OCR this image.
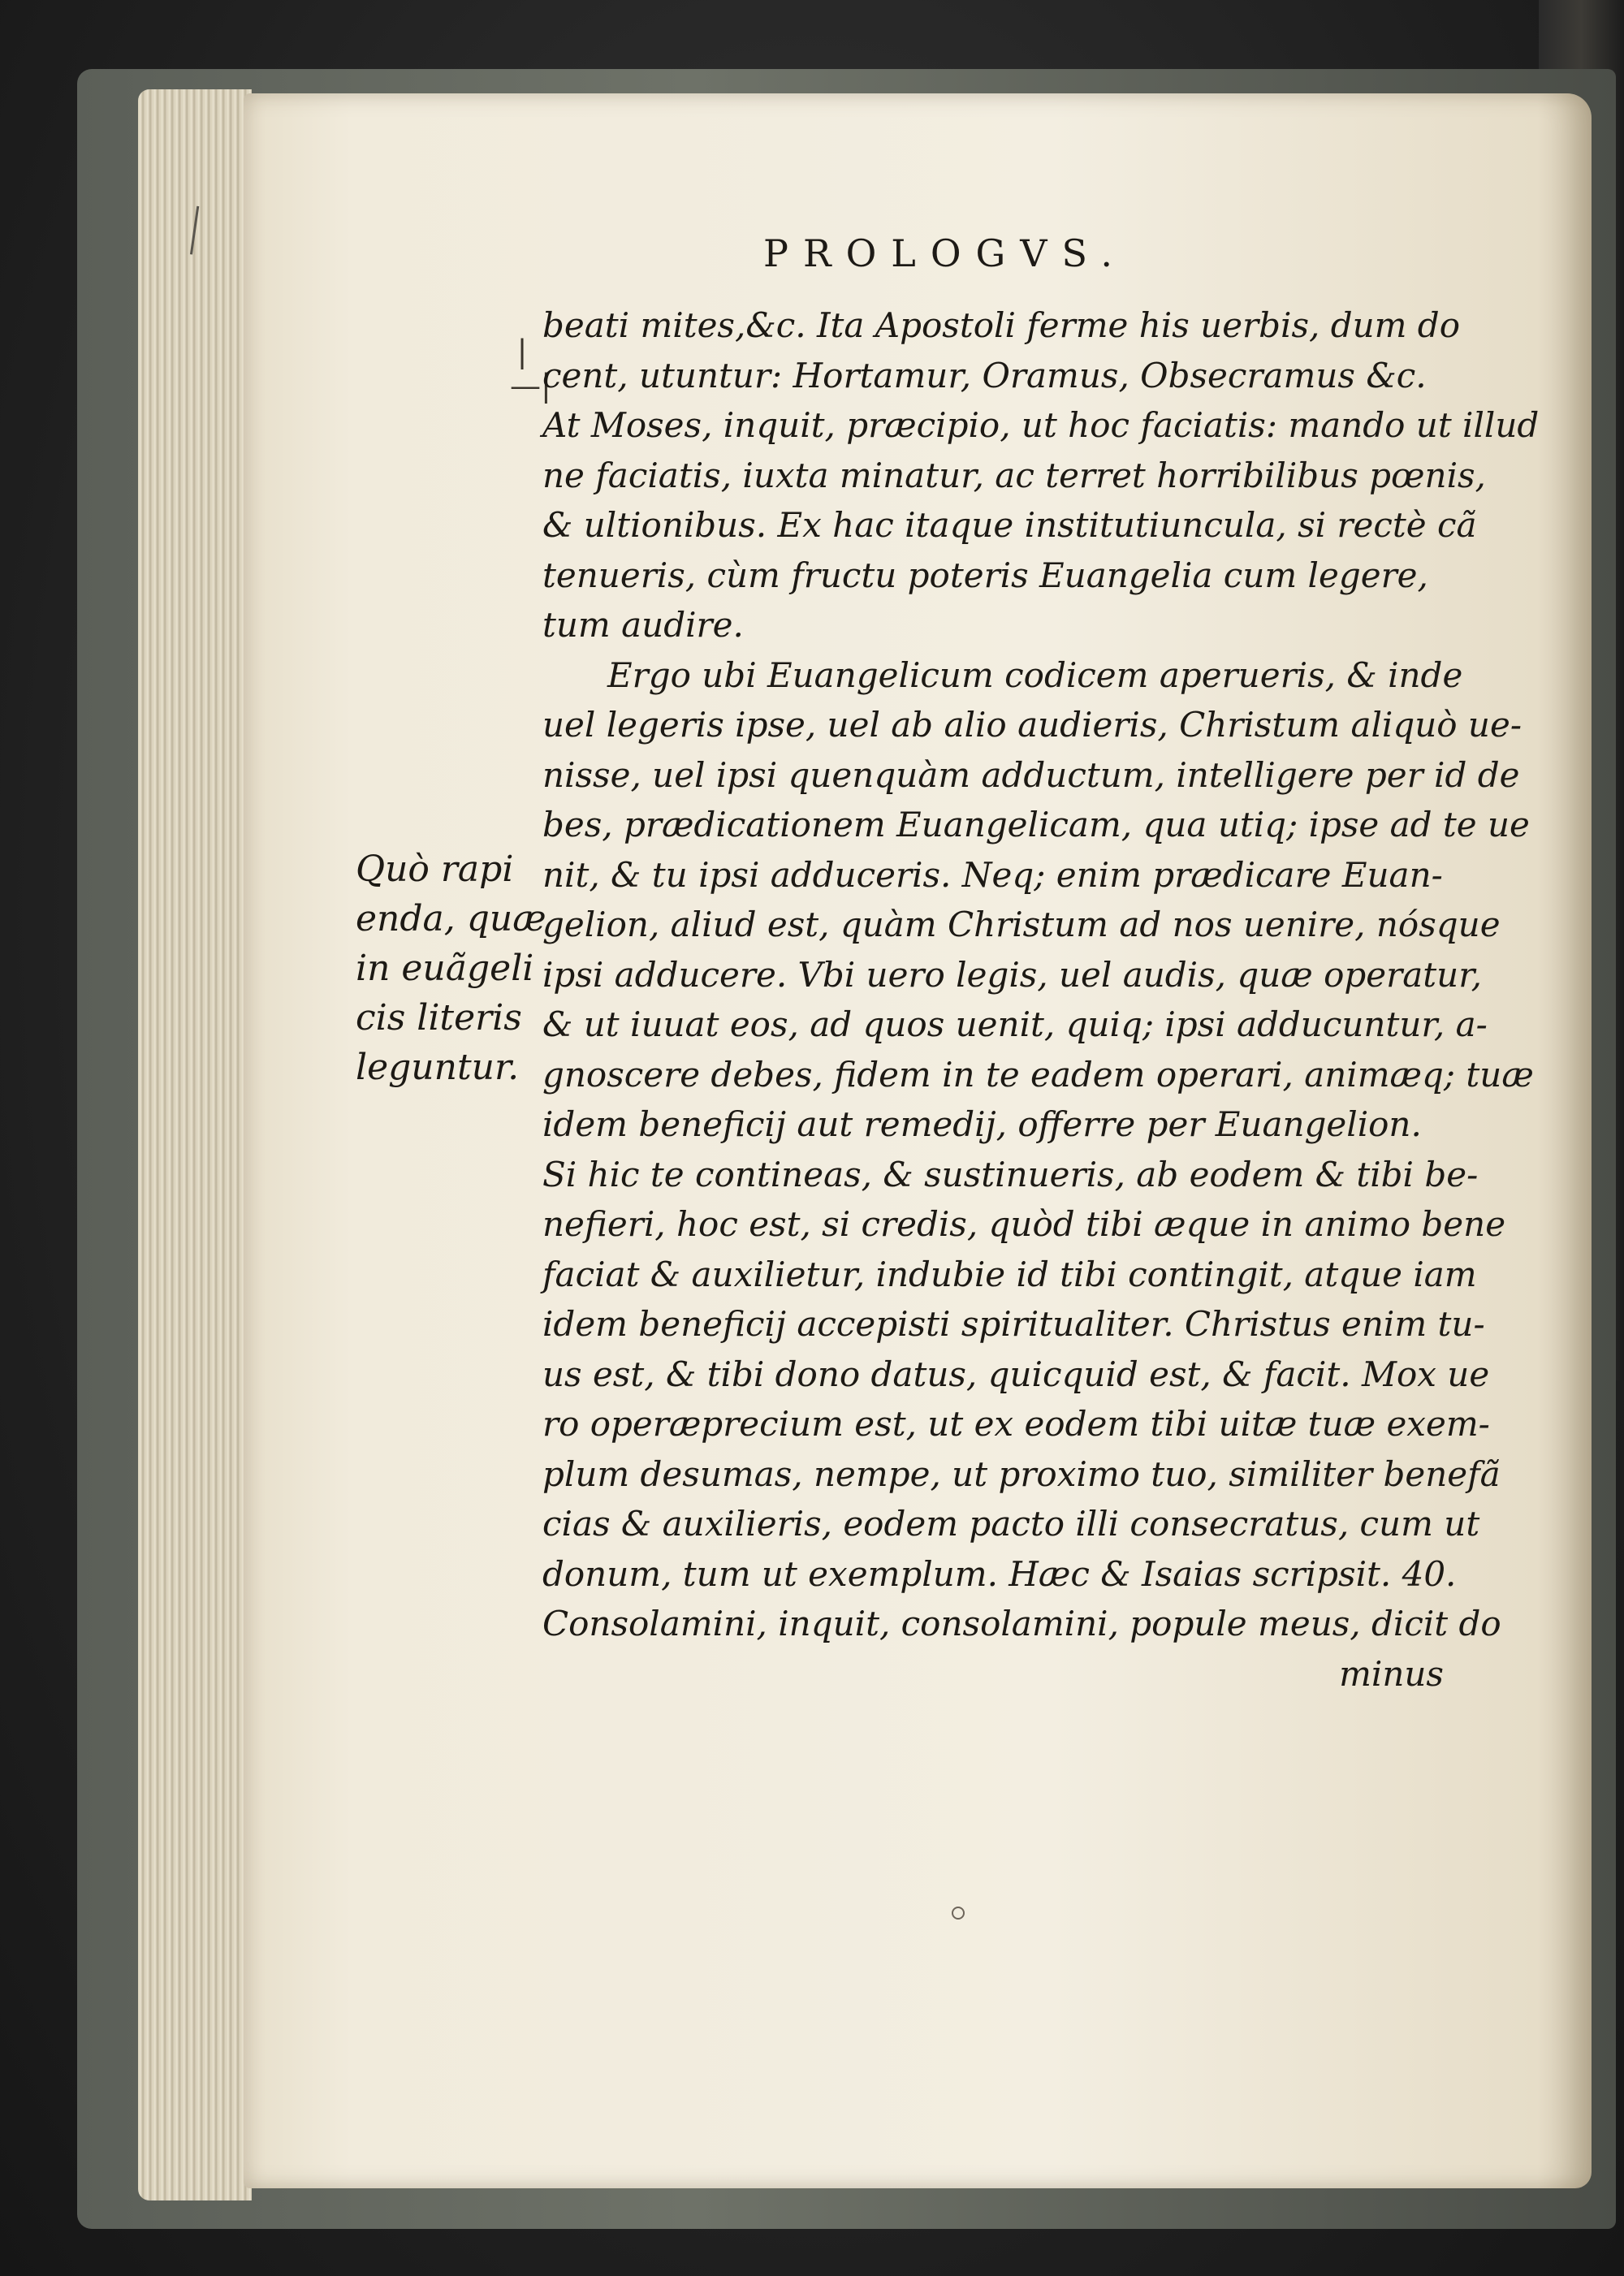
PROLOGVS.
|—|
Quò rapi
enda, quæ
in euãgeli
cis literis
leguntur.
beati mites,&c. Ita Apostoli ferme his uerbis, dum do
cent, utuntur: Hortamur, Oramus, Obsecramus &c.
At Moses, inquit, præcipio, ut hoc faciatis: mando ut illud
ne faciatis, iuxta minatur, ac terret horribilibus pœnis,
& ultionibus. Ex hac itaque institutiuncula, si rectè cã
tenueris, cùm fructu poteris Euangelia cum legere,
tum audire.
Ergo ubi Euangelicum codicem aperueris, & inde
uel legeris ipse, uel ab alio audieris, Christum aliquò ue-
nisse, uel ipsi quenquàm adductum, intelligere per id de
bes, prædicationem Euangelicam, qua utiq; ipse ad te ue
nit, & tu ipsi adduceris. Neq; enim prædicare Euan-
gelion, aliud est, quàm Christum ad nos uenire, nósque
ipsi adducere. Vbi uero legis, uel audis, quæ operatur,
& ut iuuat eos, ad quos uenit, quiq; ipsi adducuntur, a-
gnoscere debes, fidem in te eadem operari, animæq; tuæ
idem beneficij aut remedij, offerre per Euangelion.
Si hic te contineas, & sustinueris, ab eodem & tibi be-
nefieri, hoc est, si credis, quòd tibi æque in animo bene
faciat & auxilietur, indubie id tibi contingit, atque iam
idem beneficij accepisti spiritualiter. Christus enim tu-
us est, & tibi dono datus, quicquid est, & facit. Mox ue
ro operæprecium est, ut ex eodem tibi uitæ tuæ exem-
plum desumas, nempe, ut proximo tuo, similiter benefã
cias & auxilieris, eodem pacto illi consecratus, cum ut
donum, tum ut exemplum. Hæc & Isaias scripsit. 40.
Consolamini, inquit, consolamini, popule meus, dicit do
minus
